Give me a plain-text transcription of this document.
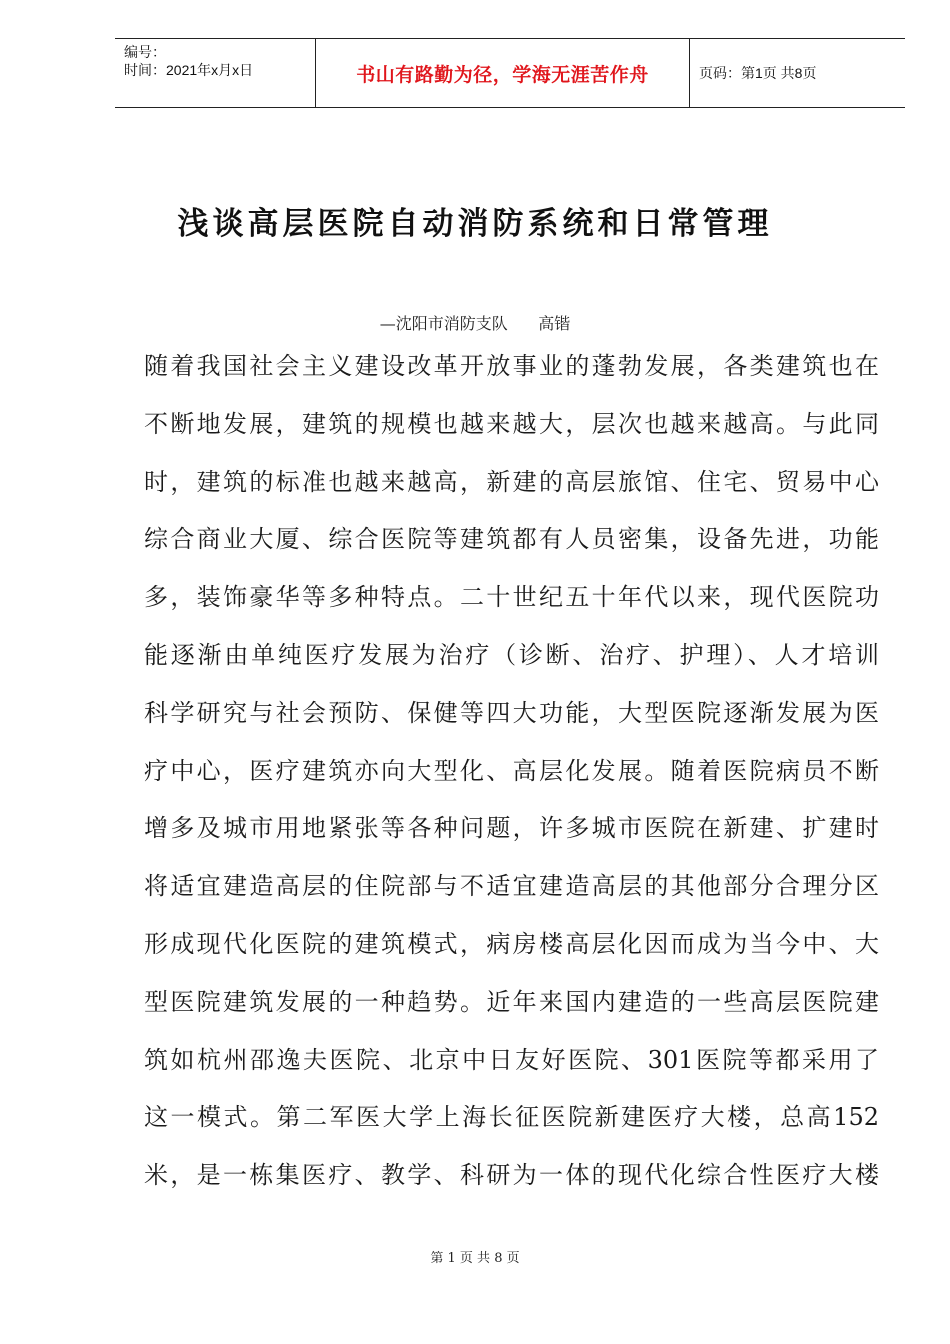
编号：
时间：2021年x月x日	书山有路勤为径，学海无涯苦作舟	页码：第1页 共8页
浅谈高层医院自动消防系统和日常管理
—沈阳市消防支队      高锴
随着我国社会主义建设改革开放事业的蓬勃发展，各类建筑也在
不断地发展，建筑的规模也越来越大，层次也越来越高。与此同
时，建筑的标准也越来越高，新建的高层旅馆、住宅、贸易中心
综合商业大厦、综合医院等建筑都有人员密集，设备先进，功能
多，装饰豪华等多种特点。二十世纪五十年代以来，现代医院功
能逐渐由单纯医疗发展为治疗（诊断、治疗、护理）、人才培训
科学研究与社会预防、保健等四大功能，大型医院逐渐发展为医
疗中心，医疗建筑亦向大型化、高层化发展。随着医院病员不断
增多及城市用地紧张等各种问题，许多城市医院在新建、扩建时
将适宜建造高层的住院部与不适宜建造高层的其他部分合理分区
形成现代化医院的建筑模式，病房楼高层化因而成为当今中、大
型医院建筑发展的一种趋势。近年来国内建造的一些高层医院建
筑如杭州邵逸夫医院、北京中日友好医院、301医院等都采用了
这一模式。第二军医大学上海长征医院新建医疗大楼，总高152
米，是一栋集医疗、教学、科研为一体的现代化综合性医疗大楼
第 1 页 共 8 页
